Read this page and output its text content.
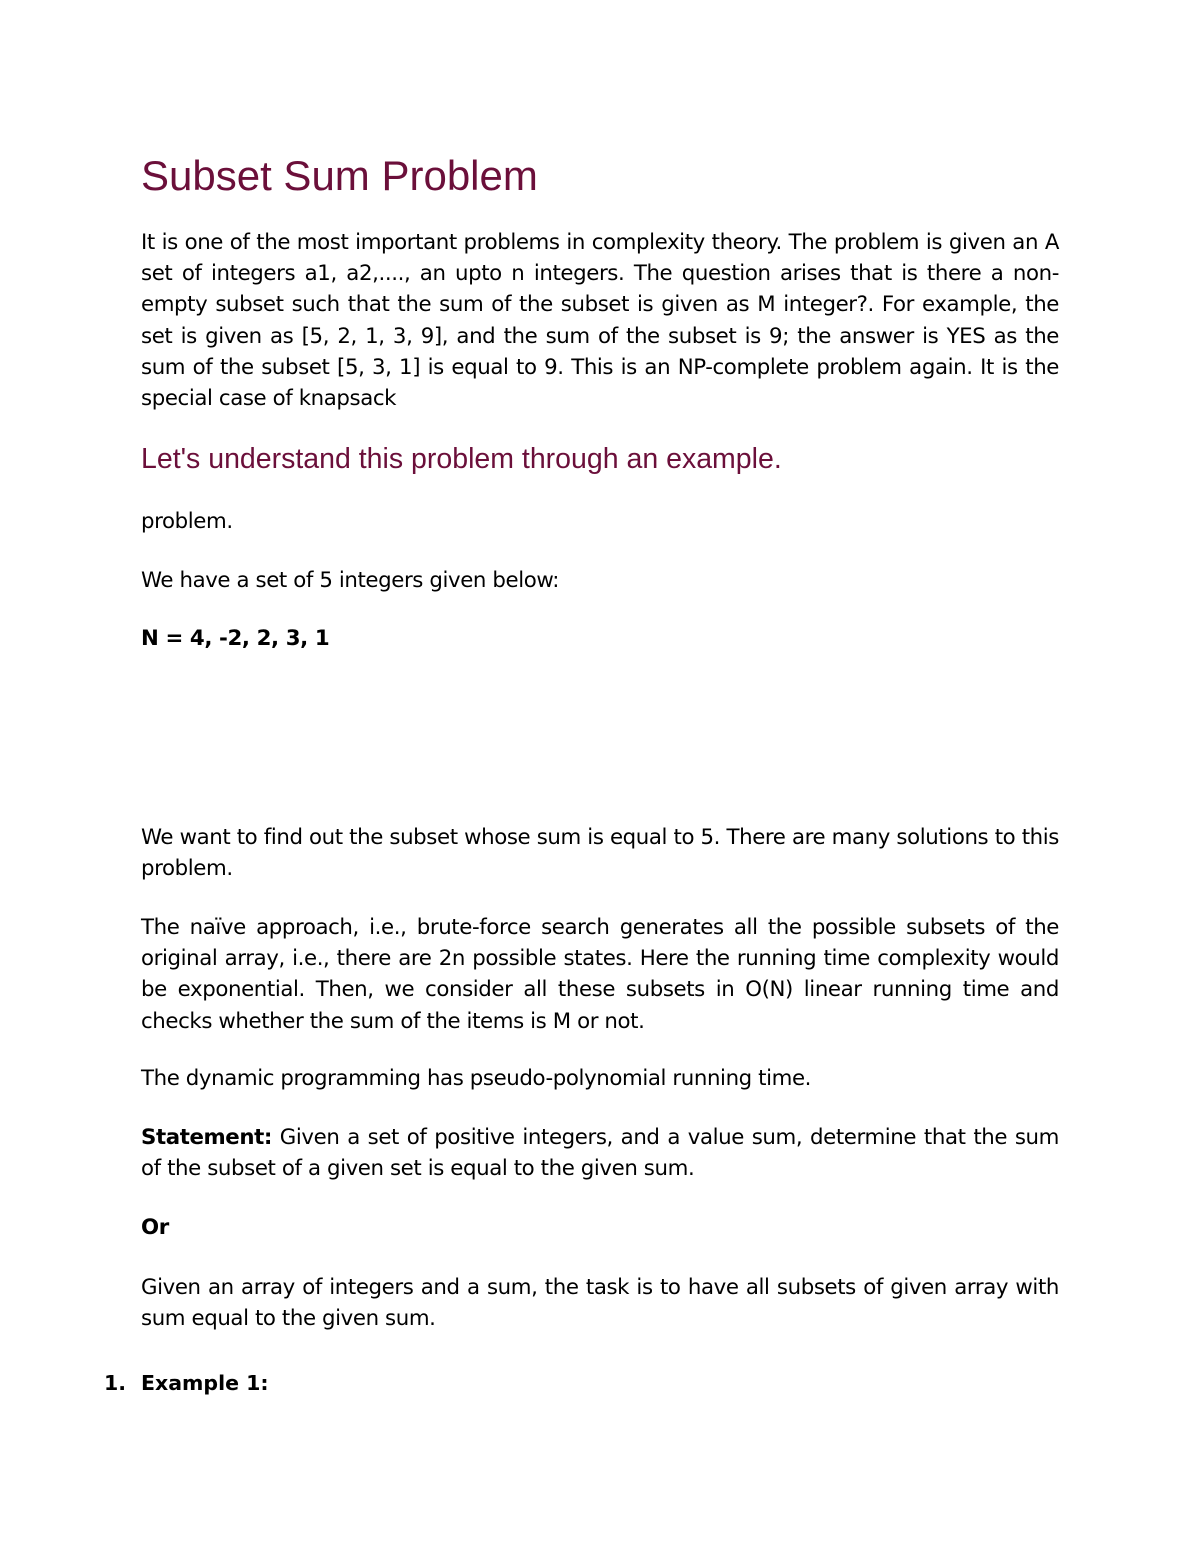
Subset Sum Problem

It is one of the most important problems in complexity theory. The problem is given an A set of integers a1, a2,...., an upto n integers. The question arises that is there a non-empty subset such that the sum of the subset is given as M integer?. For example, the set is given as [5, 2, 1, 3, 9], and the sum of the subset is 9; the answer is YES as the sum of the subset [5, 3, 1] is equal to 9. This is an NP-complete problem again. It is the special case of knapsack

Let's understand this problem through an example.

problem.

We have a set of 5 integers given below:

N = 4, -2, 2, 3, 1

We want to find out the subset whose sum is equal to 5. There are many solutions to this problem.

The naïve approach, i.e., brute-force search generates all the possible subsets of the original array, i.e., there are 2n possible states. Here the running time complexity would be exponential. Then, we consider all these subsets in O(N) linear running time and checks whether the sum of the items is M or not.

The dynamic programming has pseudo-polynomial running time.

Statement: Given a set of positive integers, and a value sum, determine that the sum of the subset of a given set is equal to the given sum.

Or

Given an array of integers and a sum, the task is to have all subsets of given array with sum equal to the given sum.

1. Example 1:
